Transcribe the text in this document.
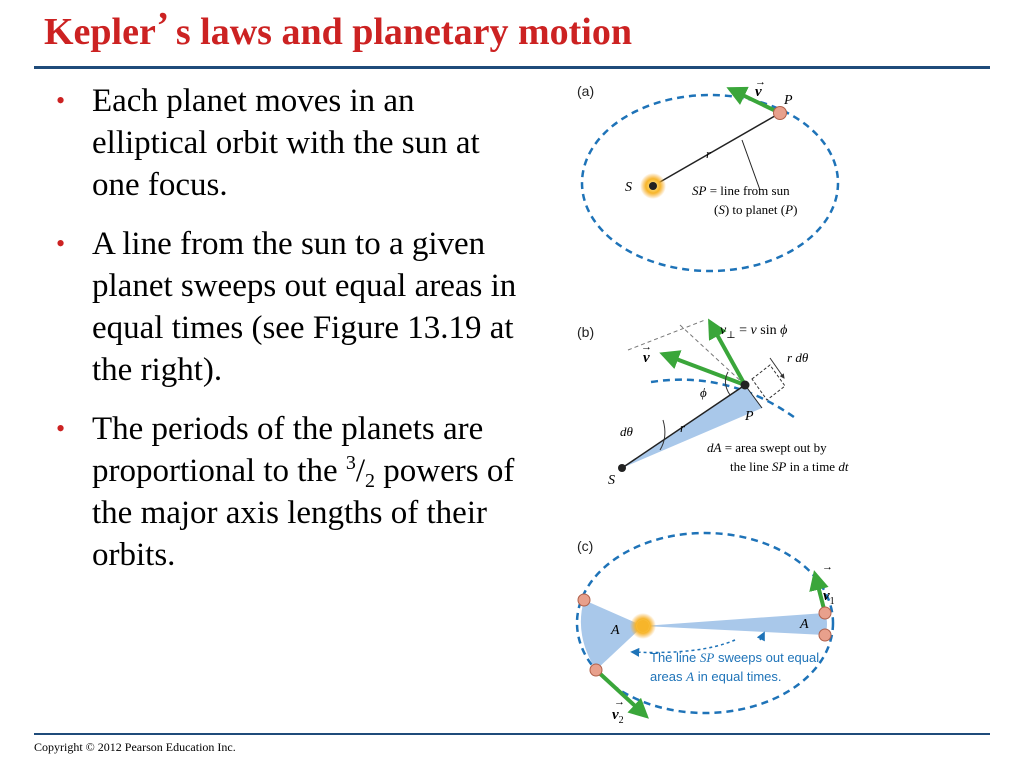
Kepler’ s laws and planetary motion
• Each planet moves in an elliptical orbit with the sun at one focus.
• A line from the sun to a given planet sweeps out equal areas in equal times (see Figure 13.19 at the right).
• The periods of the planets are proportional to the $^3/_2$ powers of the major axis lengths of their orbits.
(a)	v
→
P
S
r
SP = line from sun
(S) to planet (P)
(b)	$v_\perp = v$ sin ϕ
→
v	r dθ
ϕ
P
dθ	r
S
dA = area swept out by
the line SP in a time dt
(c)
A	A
→
$v_1$
→
$v_2$
The line SP sweeps out equal
areas A in equal times.
Copyright © 2012 Pearson Education Inc.
